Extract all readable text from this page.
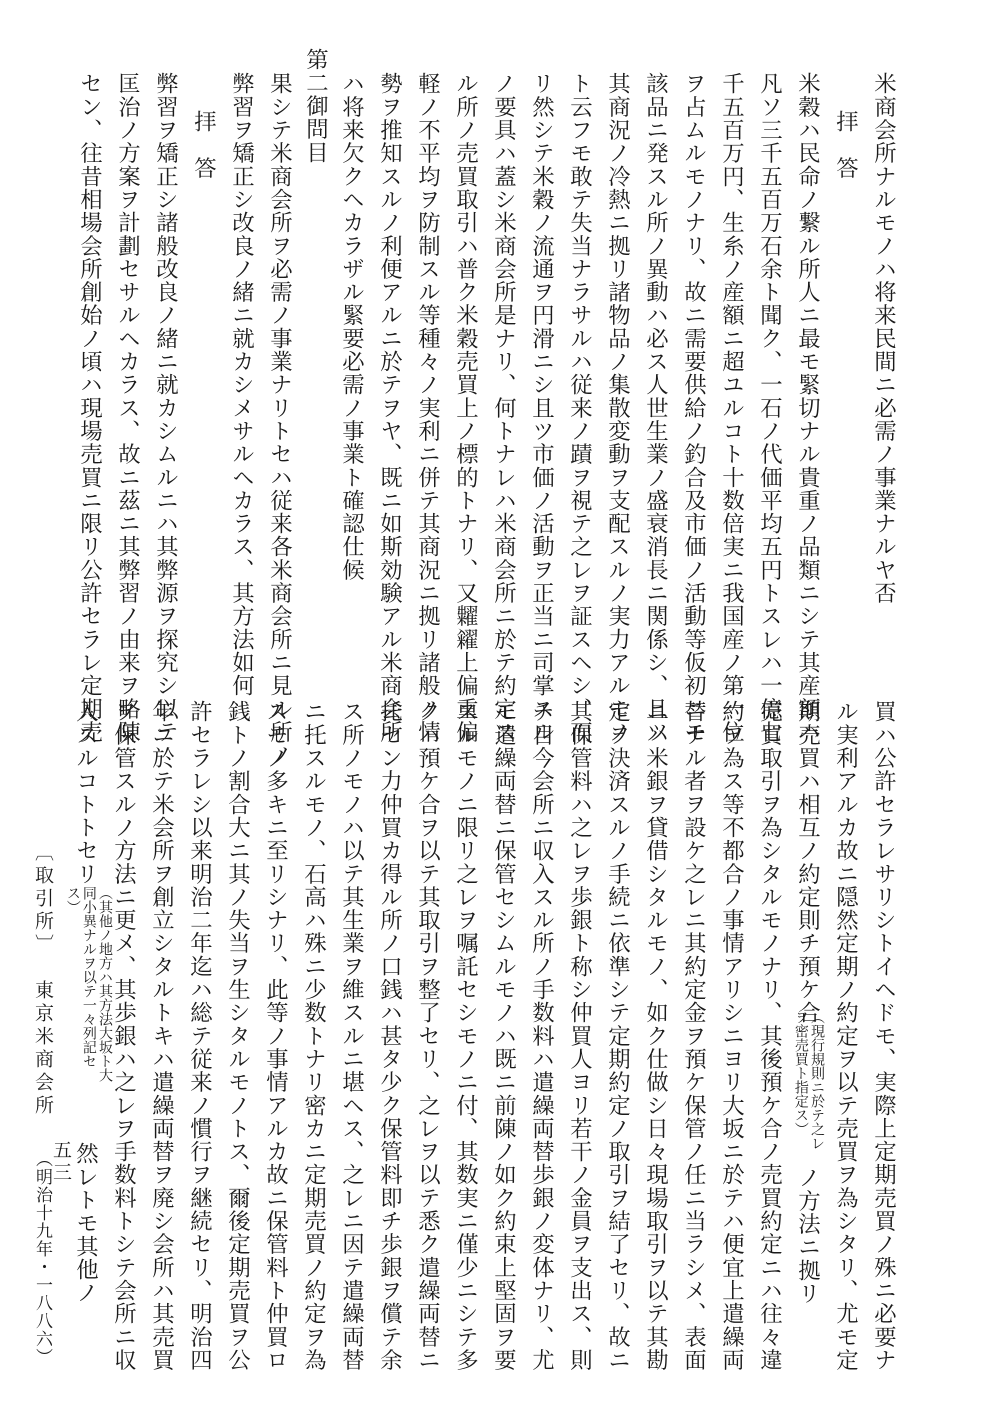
米商会所ナルモノハ将来民間ニ必需ノ事業ナルヤ否
拝　答
米穀ハ民命ノ繋ル所人ニ最モ緊切ナル貴重ノ品類ニシテ其産額ハ
凡ソ三千五百万石余ト聞ク、一石ノ代価平均五円トスレハ一億七
千五百万円、生糸ノ産額ニ超ユルコト十数倍実ニ我国産ノ第一位
ヲ占ムルモノナリ、故ニ需要供給ノ釣合及市価ノ活動等仮初ニモ
該品ニ発スル所ノ異動ハ必ス人世生業ノ盛衰消長ニ関係シ、且ツ
其商況ノ冷熱ニ拠リ諸物品ノ集散変動ヲ支配スルノ実力アルモノ
ト云フモ敢テ失当ナラサルハ従来ノ蹟ヲ視テ之レヲ証スヘシ、而
リ然シテ米穀ノ流通ヲ円滑ニシ且ツ市価ノ活動ヲ正当ニ司掌スル
ノ要具ハ蓋シ米商会所是ナリ、何トナレハ米商会所ニ於テ約定ス
ル所ノ売買取引ハ普ク米穀売買上ノ標的トナリ、又糶糴上偏重偏
軽ノ不平均ヲ防制スル等種々ノ実利ニ併テ其商況ニ拠リ諸般ノ情
勢ヲ推知スルノ利便アルニ於テヲヤ、既ニ如斯効験アル米商会所
ハ将来欠クヘカラザル緊要必需ノ事業ト確認仕候
第二御問目
果シテ米商会所ヲ必需ノ事業ナリトセハ従来各米商会所ニ見ル所ノ
弊習ヲ矯正シ改良ノ緒ニ就カシメサルヘカラス、其方法如何
拝　答
弊習ヲ矯正シ諸般改良ノ緒ニ就カシムルニハ其弊源ヲ探究シ以テ
匡治ノ方案ヲ計劃セサルヘカラス、故ニ茲ニ其弊習ノ由来ヲ略陳
セン、往昔相場会所創始ノ頃ハ現場売買ニ限リ公許セラレ定期売
買ハ公許セラレサリシトイヘドモ、実際上定期売買ノ殊ニ必要ナ
ル実利アルカ故ニ隠然定期ノ約定ヲ以テ売買ヲ為シタリ、尤モ定
期売買ハ相互ノ約定則チ預ケ合
（現行規則ニ於テ之レヲ密売買ト指定ス）
ノ方法ニ拠リ
売買取引ヲ為シタルモノナリ、其後預ケ合ノ売買約定ニハ往々違
約ヲ為ス等不都合ノ事情アリシニヨリ大坂ニ於テハ便宜上遣繰両
替ナル者ヲ設ケ之レニ其約定金ヲ預ケ保管ノ任ニ当ラシメ、表面
ニハ米銀ヲ貸借シタルモノ、如ク仕做シ日々現場取引ヲ以テ其勘
定ヲ決済スルノ手続ニ依準シテ定期約定ノ取引ヲ結了セリ、故ニ
其保管料ハ之レヲ歩銀ト称シ仲買人ヨリ若干ノ金員ヲ支出ス、則
チ目今会所ニ収入スル所ノ手数料ハ遣繰両替歩銀ノ変体ナリ、尤
モ遣繰両替ニ保管セシムルモノハ既ニ前陳ノ如ク約束上堅固ヲ要
スルモノニ限リ之レヲ嘱託セシモノニ付、其数実ニ僅少ニシテ多
クハ預ケ合ヲ以テ其取引ヲ整了セリ、之レヲ以テ悉ク遣繰両替ニ
托セン力仲買カ得ル所ノ口銭ハ甚タ少ク保管料即チ歩銀ヲ償テ余
ス所ノモノハ以テ其生業ヲ維スルニ堪ヘス、之レニ因テ遣繰両替
ニ托スルモノ、石高ハ殊ニ少数トナリ密カニ定期売買ノ約定ヲ為
スモノ多キニ至リシナリ、此等ノ事情アルカ故ニ保管料ト仲買ロ
銭トノ割合大ニ其ノ失当ヲ生シタルモノトス、爾後定期売買ヲ公
許セラレシ以来明治二年迄ハ総テ従来ノ慣行ヲ継続セリ、明治四
年ニ於テ米会所ヲ創立シタルトキハ遣繰両替ヲ廃シ会所ハ其売買
ヲ保管スルノ方法ニ更メ、其歩銀ハ之レヲ手数料トシテ会所ニ収
入スルコトトセリ
（其他ノ地方ハ其方法大坂ト大同小異ナルヲ以テ一々列記セス）
然レトモ其他ノ
〔取引所〕
東京米商会所
（明治十九年・一八八六）
五三
